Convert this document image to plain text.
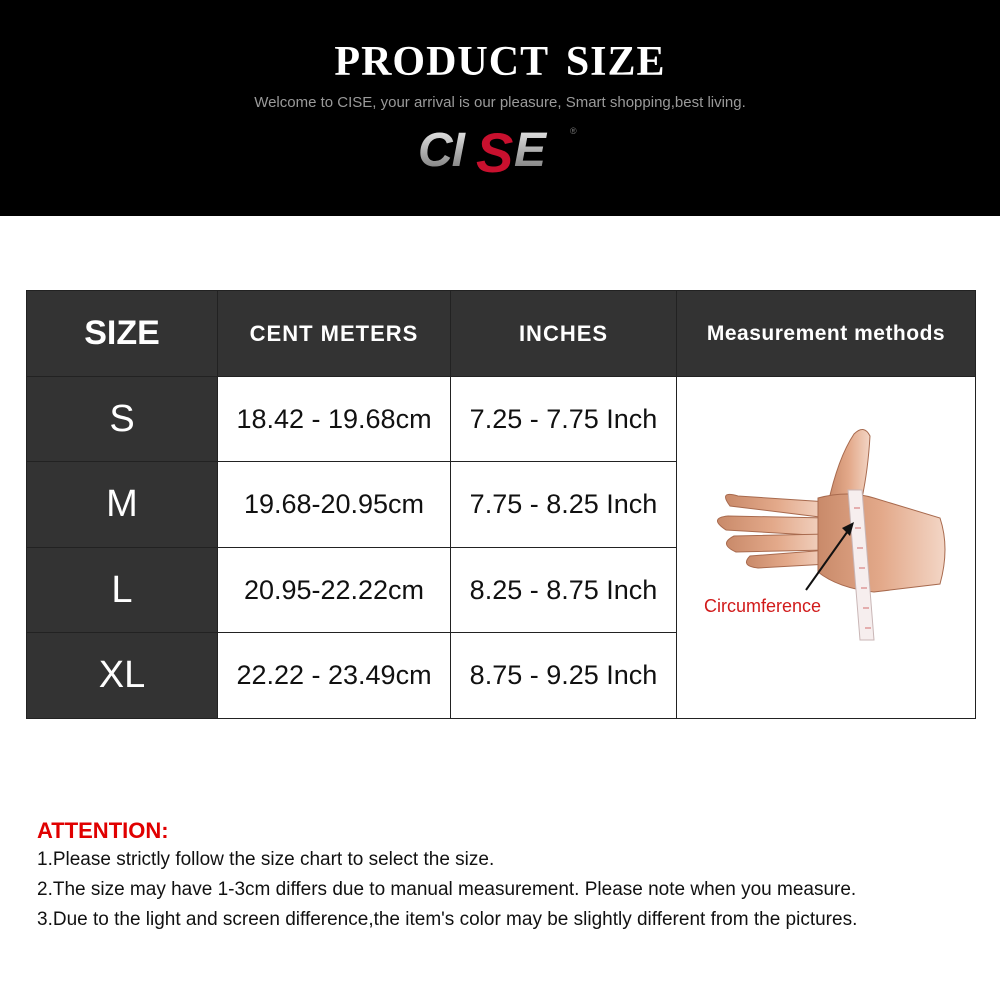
PRODUCT SIZE
Welcome to CISE, your arrival is our pleasure, Smart shopping,best living.
CI S E	®
SIZE	CENT METERS	INCHES	Measurement methods
S	18.42 - 19.68cm	7.25 - 7.75 Inch	Circumference

M	19.68-20.95cm	7.75 - 8.25 Inch	
L	20.95-22.22cm	8.25 - 8.75 Inch	
XL	22.22 - 23.49cm	8.75 - 9.25 Inch	
ATTENTION:
1.Please strictly follow the size chart to select the size.
2.The size may have 1-3cm differs due to manual measurement. Please note when you measure.
3.Due to the light and screen difference,the item's color may be slightly different from the pictures.
